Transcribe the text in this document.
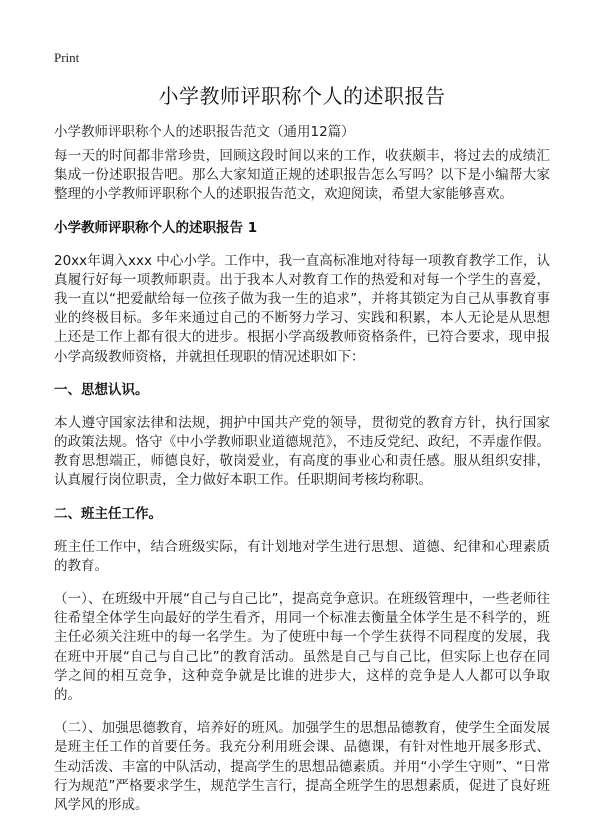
Print
小学教师评职称个人的述职报告
小学教师评职称个人的述职报告范文（通用12篇）

每一天的时间都非常珍贵，回顾这段时间以来的工作，收获颇丰，将过去的成绩汇集成一份述职报告吧。那么大家知道正规的述职报告怎么写吗？以下是小编帮大家整理的小学教师评职称个人的述职报告范文，欢迎阅读，希望大家能够喜欢。

小学教师评职称个人的述职报告 1

20xx年调入xxx 中心小学。工作中，我一直高标准地对待每一项教育教学工作，认真履行好每一项教师职责。出于我本人对教育工作的热爱和对每一个学生的喜爱，我一直以“把爱献给每一位孩子做为我一生的追求”，并将其锁定为自己从事教育事业的终极目标。多年来通过自己的不断努力学习、实践和积累，本人无论是从思想上还是工作上都有很大的进步。根据小学高级教师资格条件，已符合要求，现申报小学高级教师资格，并就担任现职的情况述职如下：

一、思想认识。

本人遵守国家法律和法规，拥护中国共产党的领导，贯彻党的教育方针，执行国家的政策法规。恪守《中小学教师职业道德规范》，不违反党纪、政纪，不弄虚作假。教育思想端正，师德良好，敬岗爱业，有高度的事业心和责任感。服从组织安排，认真履行岗位职责，全力做好本职工作。任职期间考核均称职。

二、班主任工作。

班主任工作中，结合班级实际，有计划地对学生进行思想、道德、纪律和心理素质的教育。

（一）、在班级中开展“自己与自己比”，提高竞争意识。在班级管理中，一些老师往往希望全体学生向最好的学生看齐，用同一个标准去衡量全体学生是不科学的，班主任必须关注班中的每一名学生。为了使班中每一个学生获得不同程度的发展，我在班中开展“自己与自己比”的教育活动。虽然是自己与自己比，但实际上也存在同学之间的相互竞争，这种竞争就是比谁的进步大，这样的竞争是人人都可以争取的。

（二）、加强思德教育，培养好的班风。加强学生的思想品德教育，使学生全面发展是班主任工作的首要任务。我充分利用班会课、品德课，有针对性地开展多形式、生动活泼、丰富的中队活动，提高学生的思想品德素质。并用“小学生守则”、“日常行为规范”严格要求学生，规范学生言行，提高全班学生的思想素质，促进了良好班风学风的形成。
